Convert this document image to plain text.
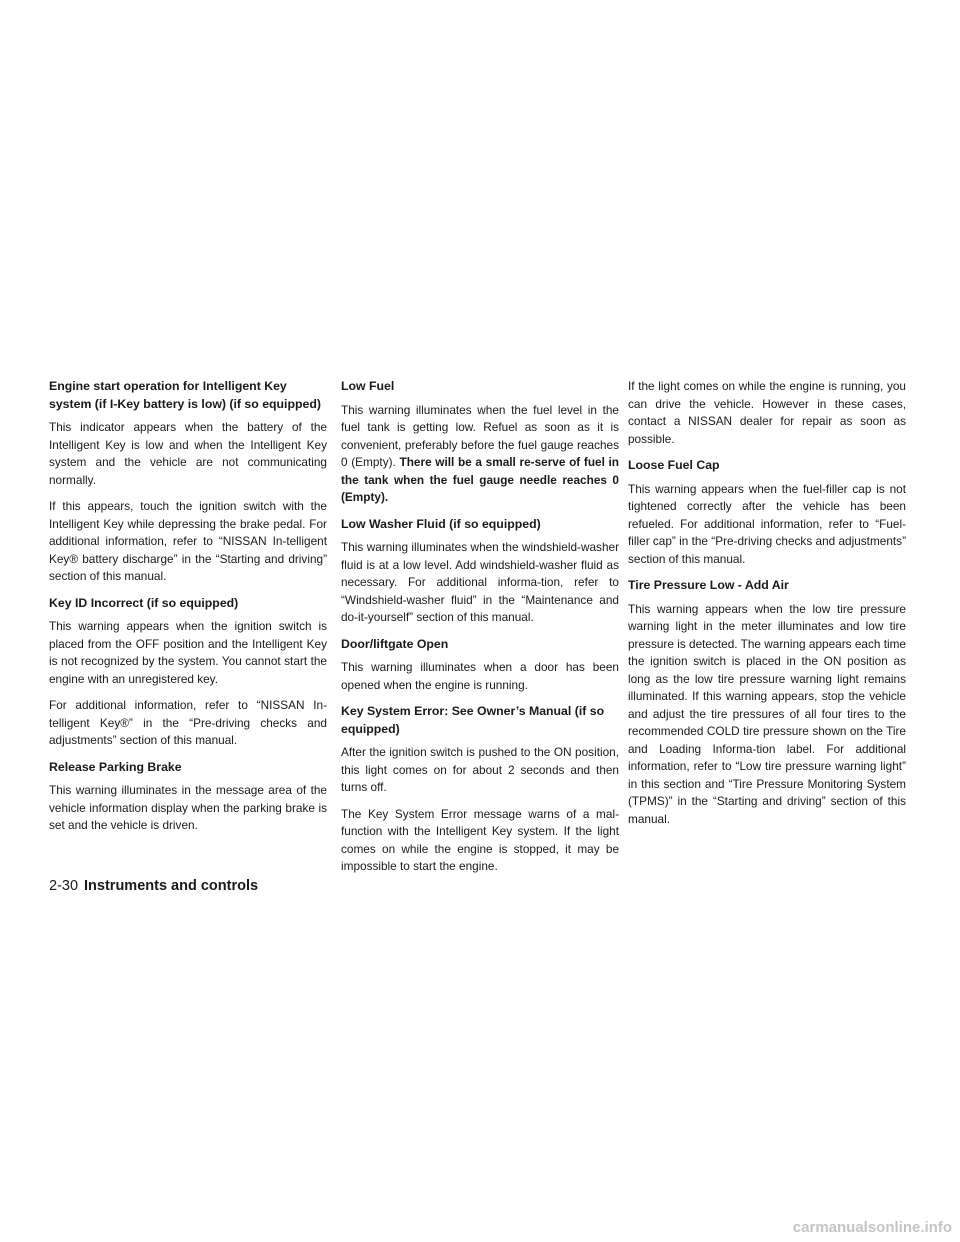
Engine start operation for Intelligent Key system (if I-Key battery is low) (if so equipped)

This indicator appears when the battery of the Intelligent Key is low and when the Intelligent Key system and the vehicle are not communicating normally.

If this appears, touch the ignition switch with the Intelligent Key while depressing the brake pedal. For additional information, refer to “NISSAN In-telligent Key® battery discharge” in the “Starting and driving” section of this manual.

Key ID Incorrect (if so equipped)

This warning appears when the ignition switch is placed from the OFF position and the Intelligent Key is not recognized by the system. You cannot start the engine with an unregistered key.

For additional information, refer to “NISSAN In-telligent Key®” in the “Pre-driving checks and adjustments” section of this manual.

Release Parking Brake

This warning illuminates in the message area of the vehicle information display when the parking brake is set and the vehicle is driven.

Low Fuel

This warning illuminates when the fuel level in the fuel tank is getting low. Refuel as soon as it is convenient, preferably before the fuel gauge reaches 0 (Empty). There will be a small re-serve of fuel in the tank when the fuel gauge needle reaches 0 (Empty).

Low Washer Fluid (if so equipped)

This warning illuminates when the windshield-washer fluid is at a low level. Add windshield-washer fluid as necessary. For additional informa-tion, refer to “Windshield-washer fluid” in the “Maintenance and do-it-yourself” section of this manual.

Door/liftgate Open

This warning illuminates when a door has been opened when the engine is running.

Key System Error: See Owner’s Manual (if so equipped)

After the ignition switch is pushed to the ON position, this light comes on for about 2 seconds and then turns off.

The Key System Error message warns of a mal-function with the Intelligent Key system. If the light comes on while the engine is stopped, it may be impossible to start the engine.

If the light comes on while the engine is running, you can drive the vehicle. However in these cases, contact a NISSAN dealer for repair as soon as possible.

Loose Fuel Cap

This warning appears when the fuel-filler cap is not tightened correctly after the vehicle has been refueled. For additional information, refer to “Fuel-filler cap” in the “Pre-driving checks and adjustments” section of this manual.

Tire Pressure Low - Add Air

This warning appears when the low tire pressure warning light in the meter illuminates and low tire pressure is detected. The warning appears each time the ignition switch is placed in the ON position as long as the low tire pressure warning light remains illuminated. If this warning appears, stop the vehicle and adjust the tire pressures of all four tires to the recommended COLD tire pressure shown on the Tire and Loading Informa-tion label. For additional information, refer to “Low tire pressure warning light” in this section and “Tire Pressure Monitoring System (TPMS)” in the “Starting and driving” section of this manual.

2-30 Instruments and controls
carmanualsonline.info
